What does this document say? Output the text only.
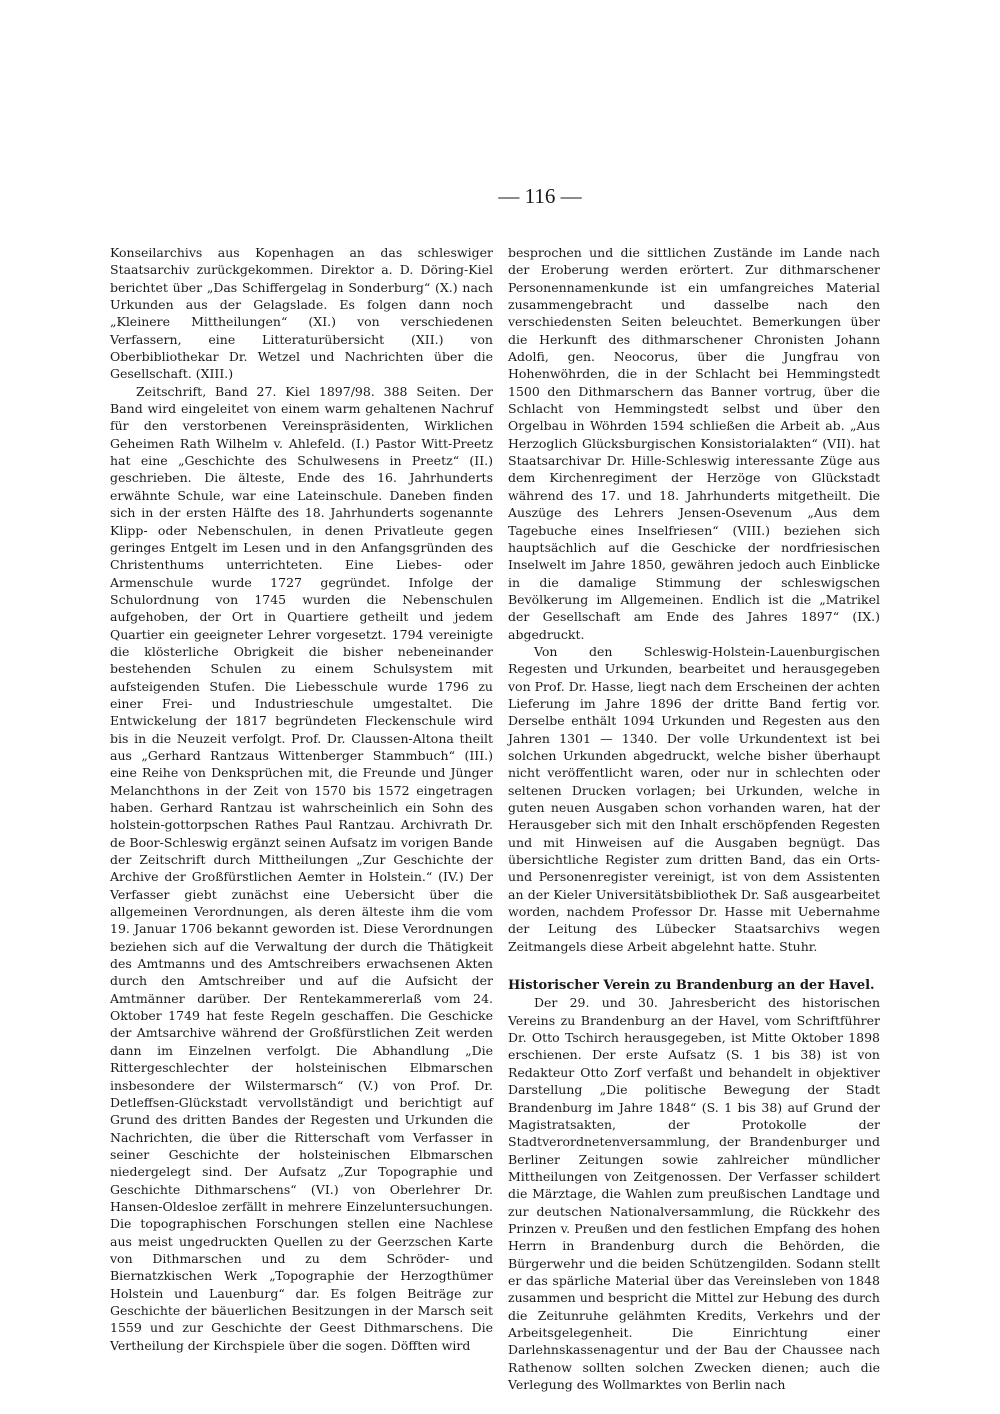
— 116 —

Konseilarchivs aus Kopenhagen an das schleswiger Staatsarchiv zurückgekommen. Direktor a. D. Döring-Kiel berichtet über „Das Schiffergelag in Sonderburg“ (X.) nach Urkunden aus der Gelagslade. Es folgen dann noch „Kleinere Mittheilungen“ (XI.) von verschiedenen Verfassern, eine Litteraturübersicht (XII.) von Oberbibliothekar Dr. Wetzel und Nachrichten über die Gesellschaft. (XIII.)

Zeitschrift, Band 27. Kiel 1897/98. 388 Seiten. Der Band wird eingeleitet von einem warm gehaltenen Nachruf für den verstorbenen Vereinspräsidenten, Wirklichen Geheimen Rath Wilhelm v. Ahlefeld. (I.) Pastor Witt-Preetz hat eine „Geschichte des Schulwesens in Preetz“ (II.) geschrieben. Die älteste, Ende des 16. Jahrhunderts erwähnte Schule, war eine Lateinschule. Daneben finden sich in der ersten Hälfte des 18. Jahrhunderts sogenannte Klipp- oder Nebenschulen, in denen Privatleute gegen geringes Entgelt im Lesen und in den Anfangsgründen des Christenthums unterrichteten. Eine Liebes- oder Armenschule wurde 1727 gegründet. Infolge der Schulordnung von 1745 wurden die Nebenschulen aufgehoben, der Ort in Quartiere getheilt und jedem Quartier ein geeigneter Lehrer vorgesetzt. 1794 vereinigte die klösterliche Obrigkeit die bisher nebeneinander bestehenden Schulen zu einem Schulsystem mit aufsteigenden Stufen. Die Liebesschule wurde 1796 zu einer Frei- und Industrieschule umgestaltet. Die Entwickelung der 1817 begründeten Fleckenschule wird bis in die Neuzeit verfolgt. Prof. Dr. Claussen-Altona theilt aus „Gerhard Rantzaus Wittenberger Stammbuch“ (III.) eine Reihe von Denksprüchen mit, die Freunde und Jünger Melanchthons in der Zeit von 1570 bis 1572 eingetragen haben. Gerhard Rantzau ist wahrscheinlich ein Sohn des holstein-gottorpschen Rathes Paul Rantzau. Archivrath Dr. de Boor-Schleswig ergänzt seinen Aufsatz im vorigen Bande der Zeitschrift durch Mittheilungen „Zur Geschichte der Archive der Großfürstlichen Aemter in Holstein.“ (IV.) Der Verfasser giebt zunächst eine Uebersicht über die allgemeinen Verordnungen, als deren älteste ihm die vom 19. Januar 1706 bekannt geworden ist. Diese Verordnungen beziehen sich auf die Verwaltung der durch die Thätigkeit des Amtmanns und des Amtschreibers erwachsenen Akten durch den Amtschreiber und auf die Aufsicht der Amtmänner darüber. Der Rentekammererlaß vom 24. Oktober 1749 hat feste Regeln geschaffen. Die Geschicke der Amtsarchive während der Großfürstlichen Zeit werden dann im Einzelnen verfolgt. Die Abhandlung „Die Rittergeschlechter der holsteinischen Elbmarschen insbesondere der Wilstermarsch“ (V.) von Prof. Dr. Detleffsen-Glückstadt vervollständigt und berichtigt auf Grund des dritten Bandes der Regesten und Urkunden die Nachrichten, die über die Ritterschaft vom Verfasser in seiner Geschichte der holsteinischen Elbmarschen niedergelegt sind. Der Aufsatz „Zur Topographie und Geschichte Dithmarschens“ (VI.) von Oberlehrer Dr. Hansen-Oldesloe zerfällt in mehrere Einzeluntersuchungen. Die topographischen Forschungen stellen eine Nachlese aus meist ungedruckten Quellen zu der Geerzschen Karte von Dithmarschen und zu dem Schröder- und Biernatzkischen Werk „Topographie der Herzogthümer Holstein und Lauenburg“ dar. Es folgen Beiträge zur Geschichte der bäuerlichen Besitzungen in der Marsch seit 1559 und zur Geschichte der Geest Dithmarschens. Die Vertheilung der Kirchspiele über die sogen. Döfften wird

besprochen und die sittlichen Zustände im Lande nach der Eroberung werden erörtert. Zur dithmarschener Personennamenkunde ist ein umfangreiches Material zusammengebracht und dasselbe nach den verschiedensten Seiten beleuchtet. Bemerkungen über die Herkunft des dithmarschener Chronisten Johann Adolfi, gen. Neocorus, über die Jungfrau von Hohenwöhrden, die in der Schlacht bei Hemmingstedt 1500 den Dithmarschern das Banner vortrug, über die Schlacht von Hemmingstedt selbst und über den Orgelbau in Wöhrden 1594 schließen die Arbeit ab. „Aus Herzoglich Glücksburgischen Konsistorialakten“ (VII). hat Staatsarchivar Dr. Hille-Schleswig interessante Züge aus dem Kirchenregiment der Herzöge von Glückstadt während des 17. und 18. Jahrhunderts mitgetheilt. Die Auszüge des Lehrers Jensen-Osevenum „Aus dem Tagebuche eines Inselfriesen“ (VIII.) beziehen sich hauptsächlich auf die Geschicke der nordfriesischen Inselwelt im Jahre 1850, gewähren jedoch auch Einblicke in die damalige Stimmung der schleswigschen Bevölkerung im Allgemeinen. Endlich ist die „Matrikel der Gesellschaft am Ende des Jahres 1897“ (IX.) abgedruckt.

Von den Schleswig-Holstein-Lauenburgischen Regesten und Urkunden, bearbeitet und herausgegeben von Prof. Dr. Hasse, liegt nach dem Erscheinen der achten Lieferung im Jahre 1896 der dritte Band fertig vor. Derselbe enthält 1094 Urkunden und Regesten aus den Jahren 1301 — 1340. Der volle Urkundentext ist bei solchen Urkunden abgedruckt, welche bisher überhaupt nicht veröffentlicht waren, oder nur in schlechten oder seltenen Drucken vorlagen; bei Urkunden, welche in guten neuen Ausgaben schon vorhanden waren, hat der Herausgeber sich mit den Inhalt erschöpfenden Regesten und mit Hinweisen auf die Ausgaben begnügt. Das übersichtliche Register zum dritten Band, das ein Orts- und Personenregister vereinigt, ist von dem Assistenten an der Kieler Universitätsbibliothek Dr. Saß ausgearbeitet worden, nachdem Professor Dr. Hasse mit Uebernahme der Leitung des Lübecker Staatsarchivs wegen Zeitmangels diese Arbeit abgelehnt hatte. Stuhr.

Historischer Verein zu Brandenburg an der Havel.

Der 29. und 30. Jahresbericht des historischen Vereins zu Brandenburg an der Havel, vom Schriftführer Dr. Otto Tschirch herausgegeben, ist Mitte Oktober 1898 erschienen. Der erste Aufsatz (S. 1 bis 38) ist von Redakteur Otto Zorf verfaßt und behandelt in objektiver Darstellung „Die politische Bewegung der Stadt Brandenburg im Jahre 1848“ (S. 1 bis 38) auf Grund der Magistratsakten, der Protokolle der Stadtverordnetenversammlung, der Brandenburger und Berliner Zeitungen sowie zahlreicher mündlicher Mittheilungen von Zeitgenossen. Der Verfasser schildert die Märztage, die Wahlen zum preußischen Landtage und zur deutschen Nationalversammlung, die Rückkehr des Prinzen v. Preußen und den festlichen Empfang des hohen Herrn in Brandenburg durch die Behörden, die Bürgerwehr und die beiden Schützengilden. Sodann stellt er das spärliche Material über das Vereinsleben von 1848 zusammen und bespricht die Mittel zur Hebung des durch die Zeitunruhe gelähmten Kredits, Verkehrs und der Arbeitsgelegenheit. Die Einrichtung einer Darlehnskassenagentur und der Bau der Chaussee nach Rathenow sollten solchen Zwecken dienen; auch die Verlegung des Wollmarktes von Berlin nach
